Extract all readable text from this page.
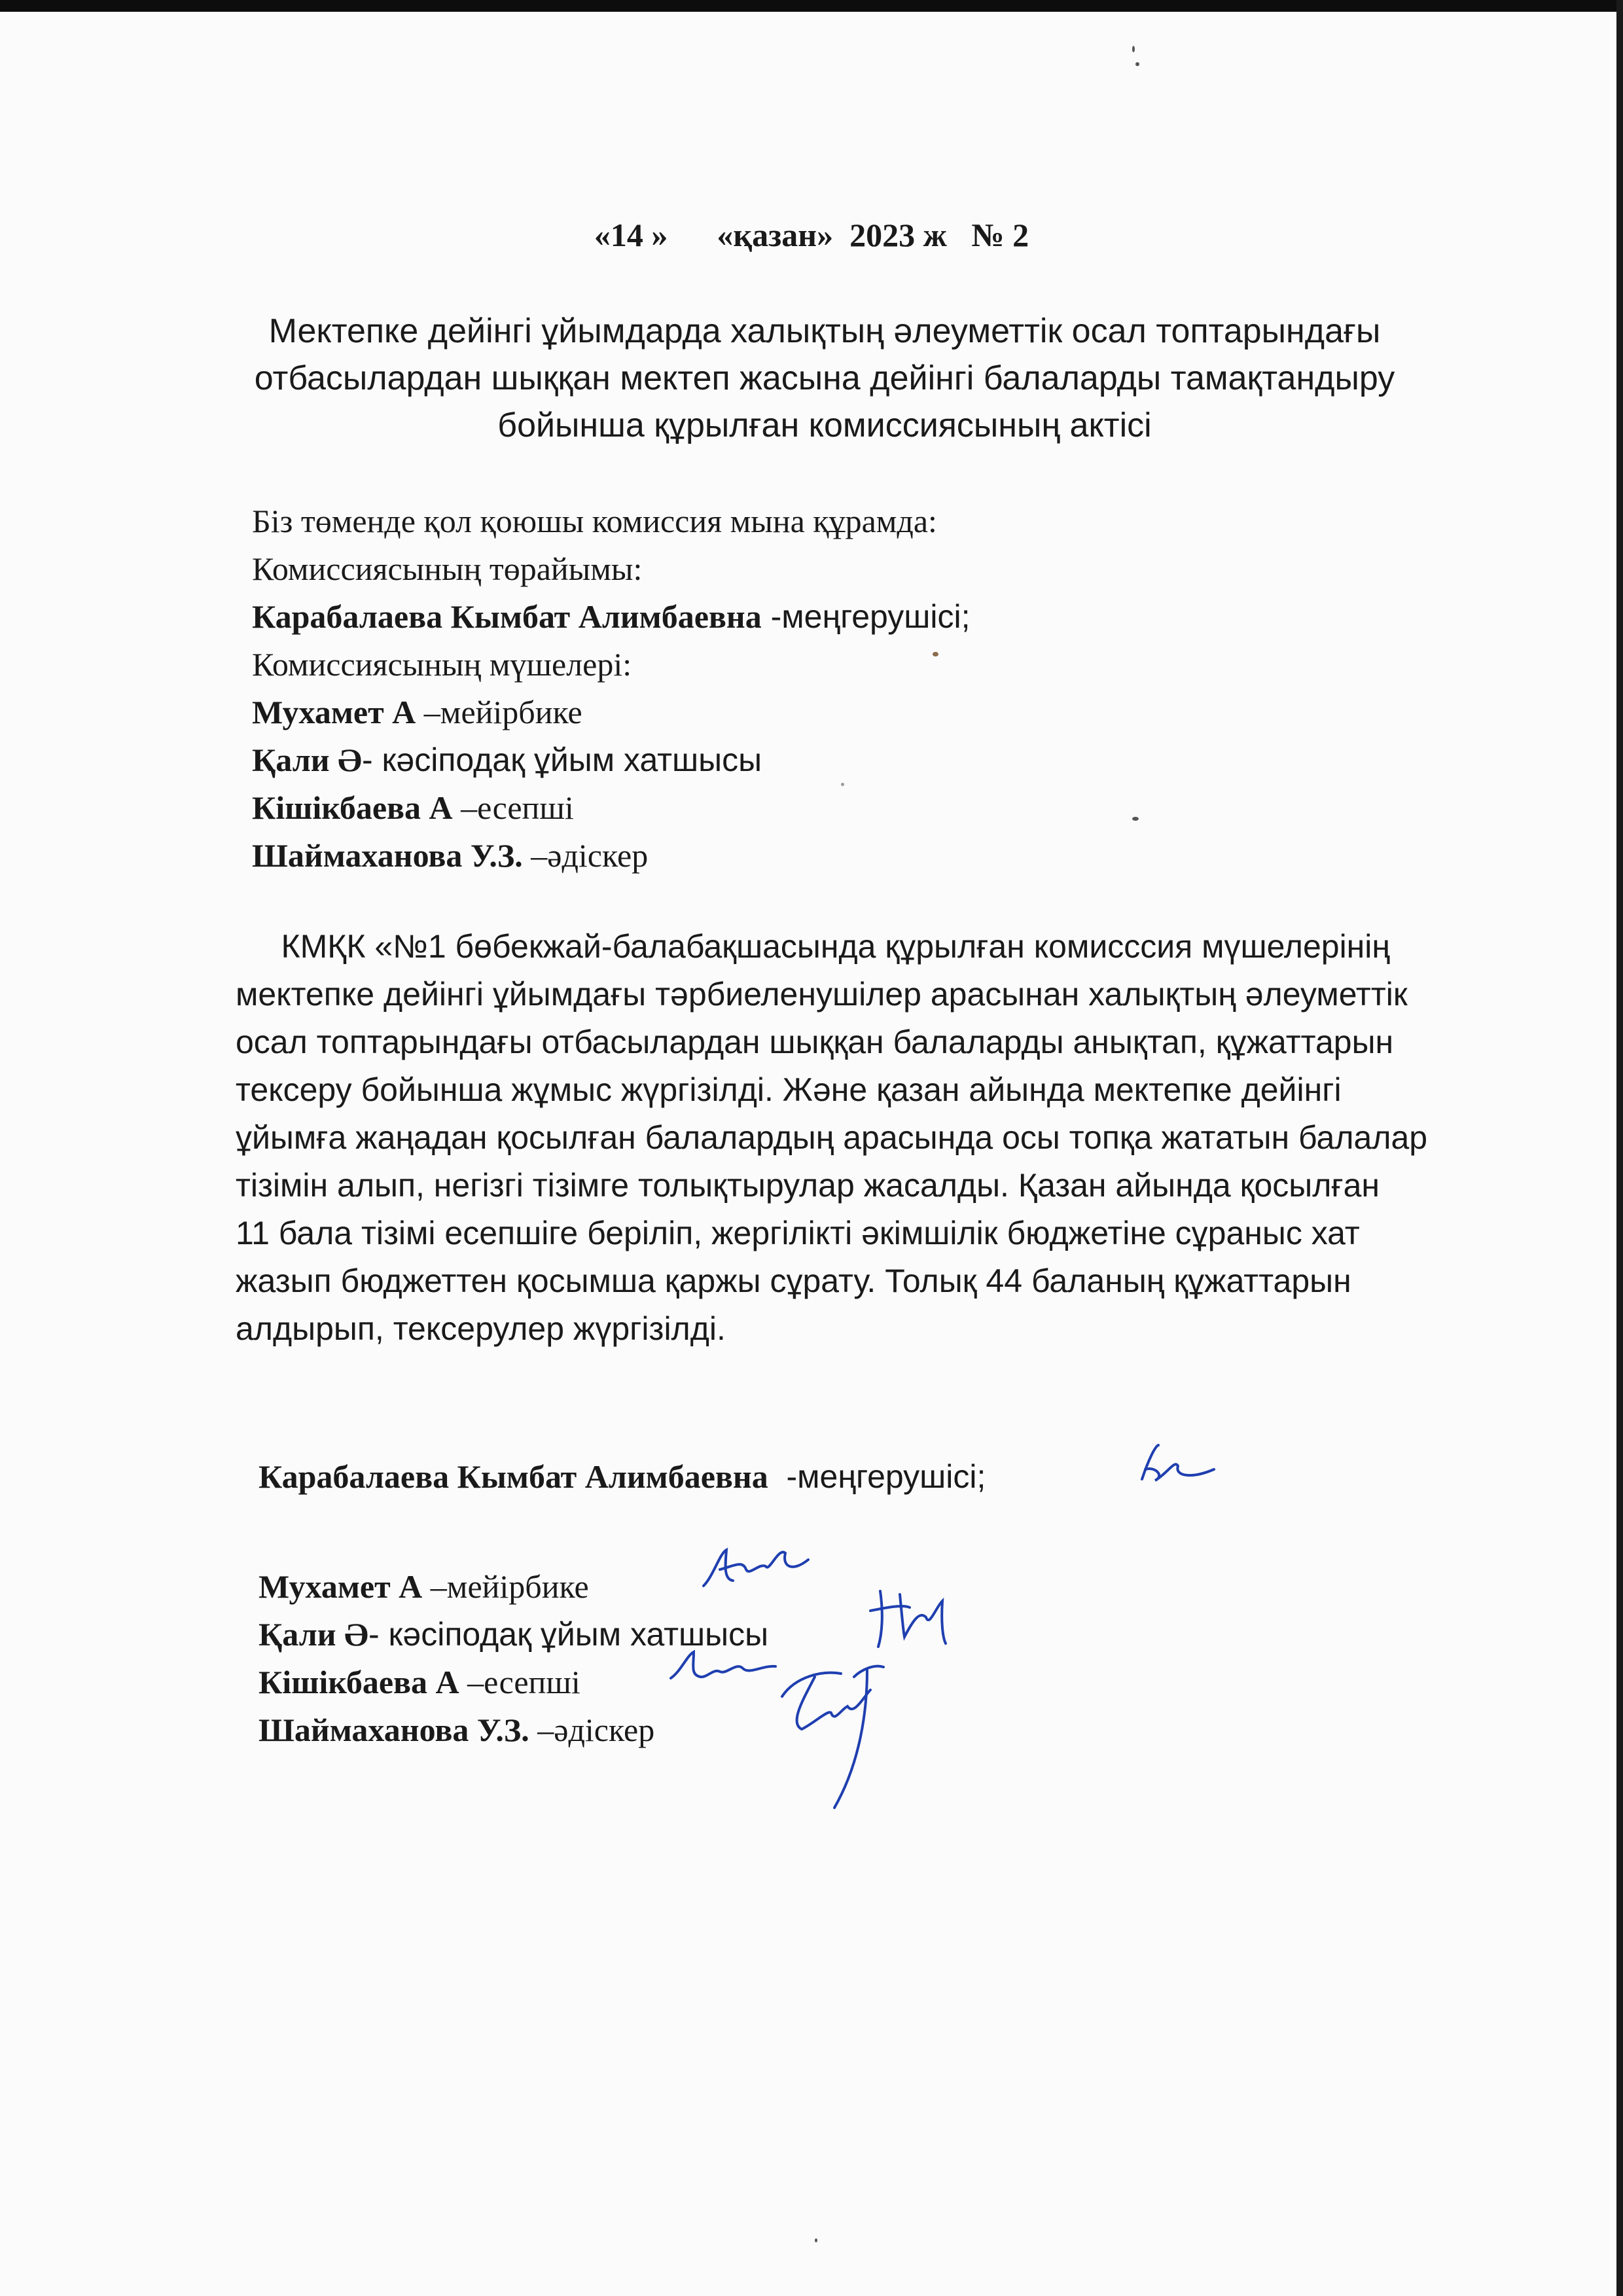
«14 » «қазан» 2023 ж № 2
Мектепке дейінгі ұйымдарда халықтың әлеуметтік осал топтарындағы
отбасылардан шыққан мектеп жасына дейінгі балаларды тамақтандыру
бойынша құрылған комиссиясының актісі
Біз төменде қол қоюшы комиссия мына құрамда:
Комиссиясының төрайымы:
Карабалаева Кымбат Алимбаевна -меңгерушісі;
Комиссиясының мүшелері:
Мухамет А –мейірбике
Қали Ә- кәсіподақ ұйым хатшысы
Кішікбаева А –есепші
Шаймаханова У.З. –әдіскер
КМҚК «№1 бөбекжай-балабақшасында құрылған комисссия мүшелерінің
мектепке дейінгі ұйымдағы тәрбиеленушілер арасынан халықтың әлеуметтік
осал топтарындағы отбасылардан шыққан балаларды анықтап, құжаттарын
тексеру бойынша жұмыс жүргізілді. Және қазан айында мектепке дейінгі
ұйымға жаңадан қосылған балалардың арасында осы топқа жататын балалар
тізімін алып, негізгі тізімге толықтырулар жасалды. Қазан айында қосылған
11 бала тізімі есепшіге беріліп, жергілікті әкімшілік бюджетіне сұраныс хат
жазып бюджеттен қосымша қаржы сұрату. Толық 44 баланың құжаттарын
алдырып, тексерулер жүргізілді.
Карабалаева Кымбат Алимбаевна  -меңгерушісі;
Мухамет А –мейірбике
Қали Ә- кәсіподақ ұйым хатшысы
Кішікбаева А –есепші
Шаймаханова У.З. –әдіскер
